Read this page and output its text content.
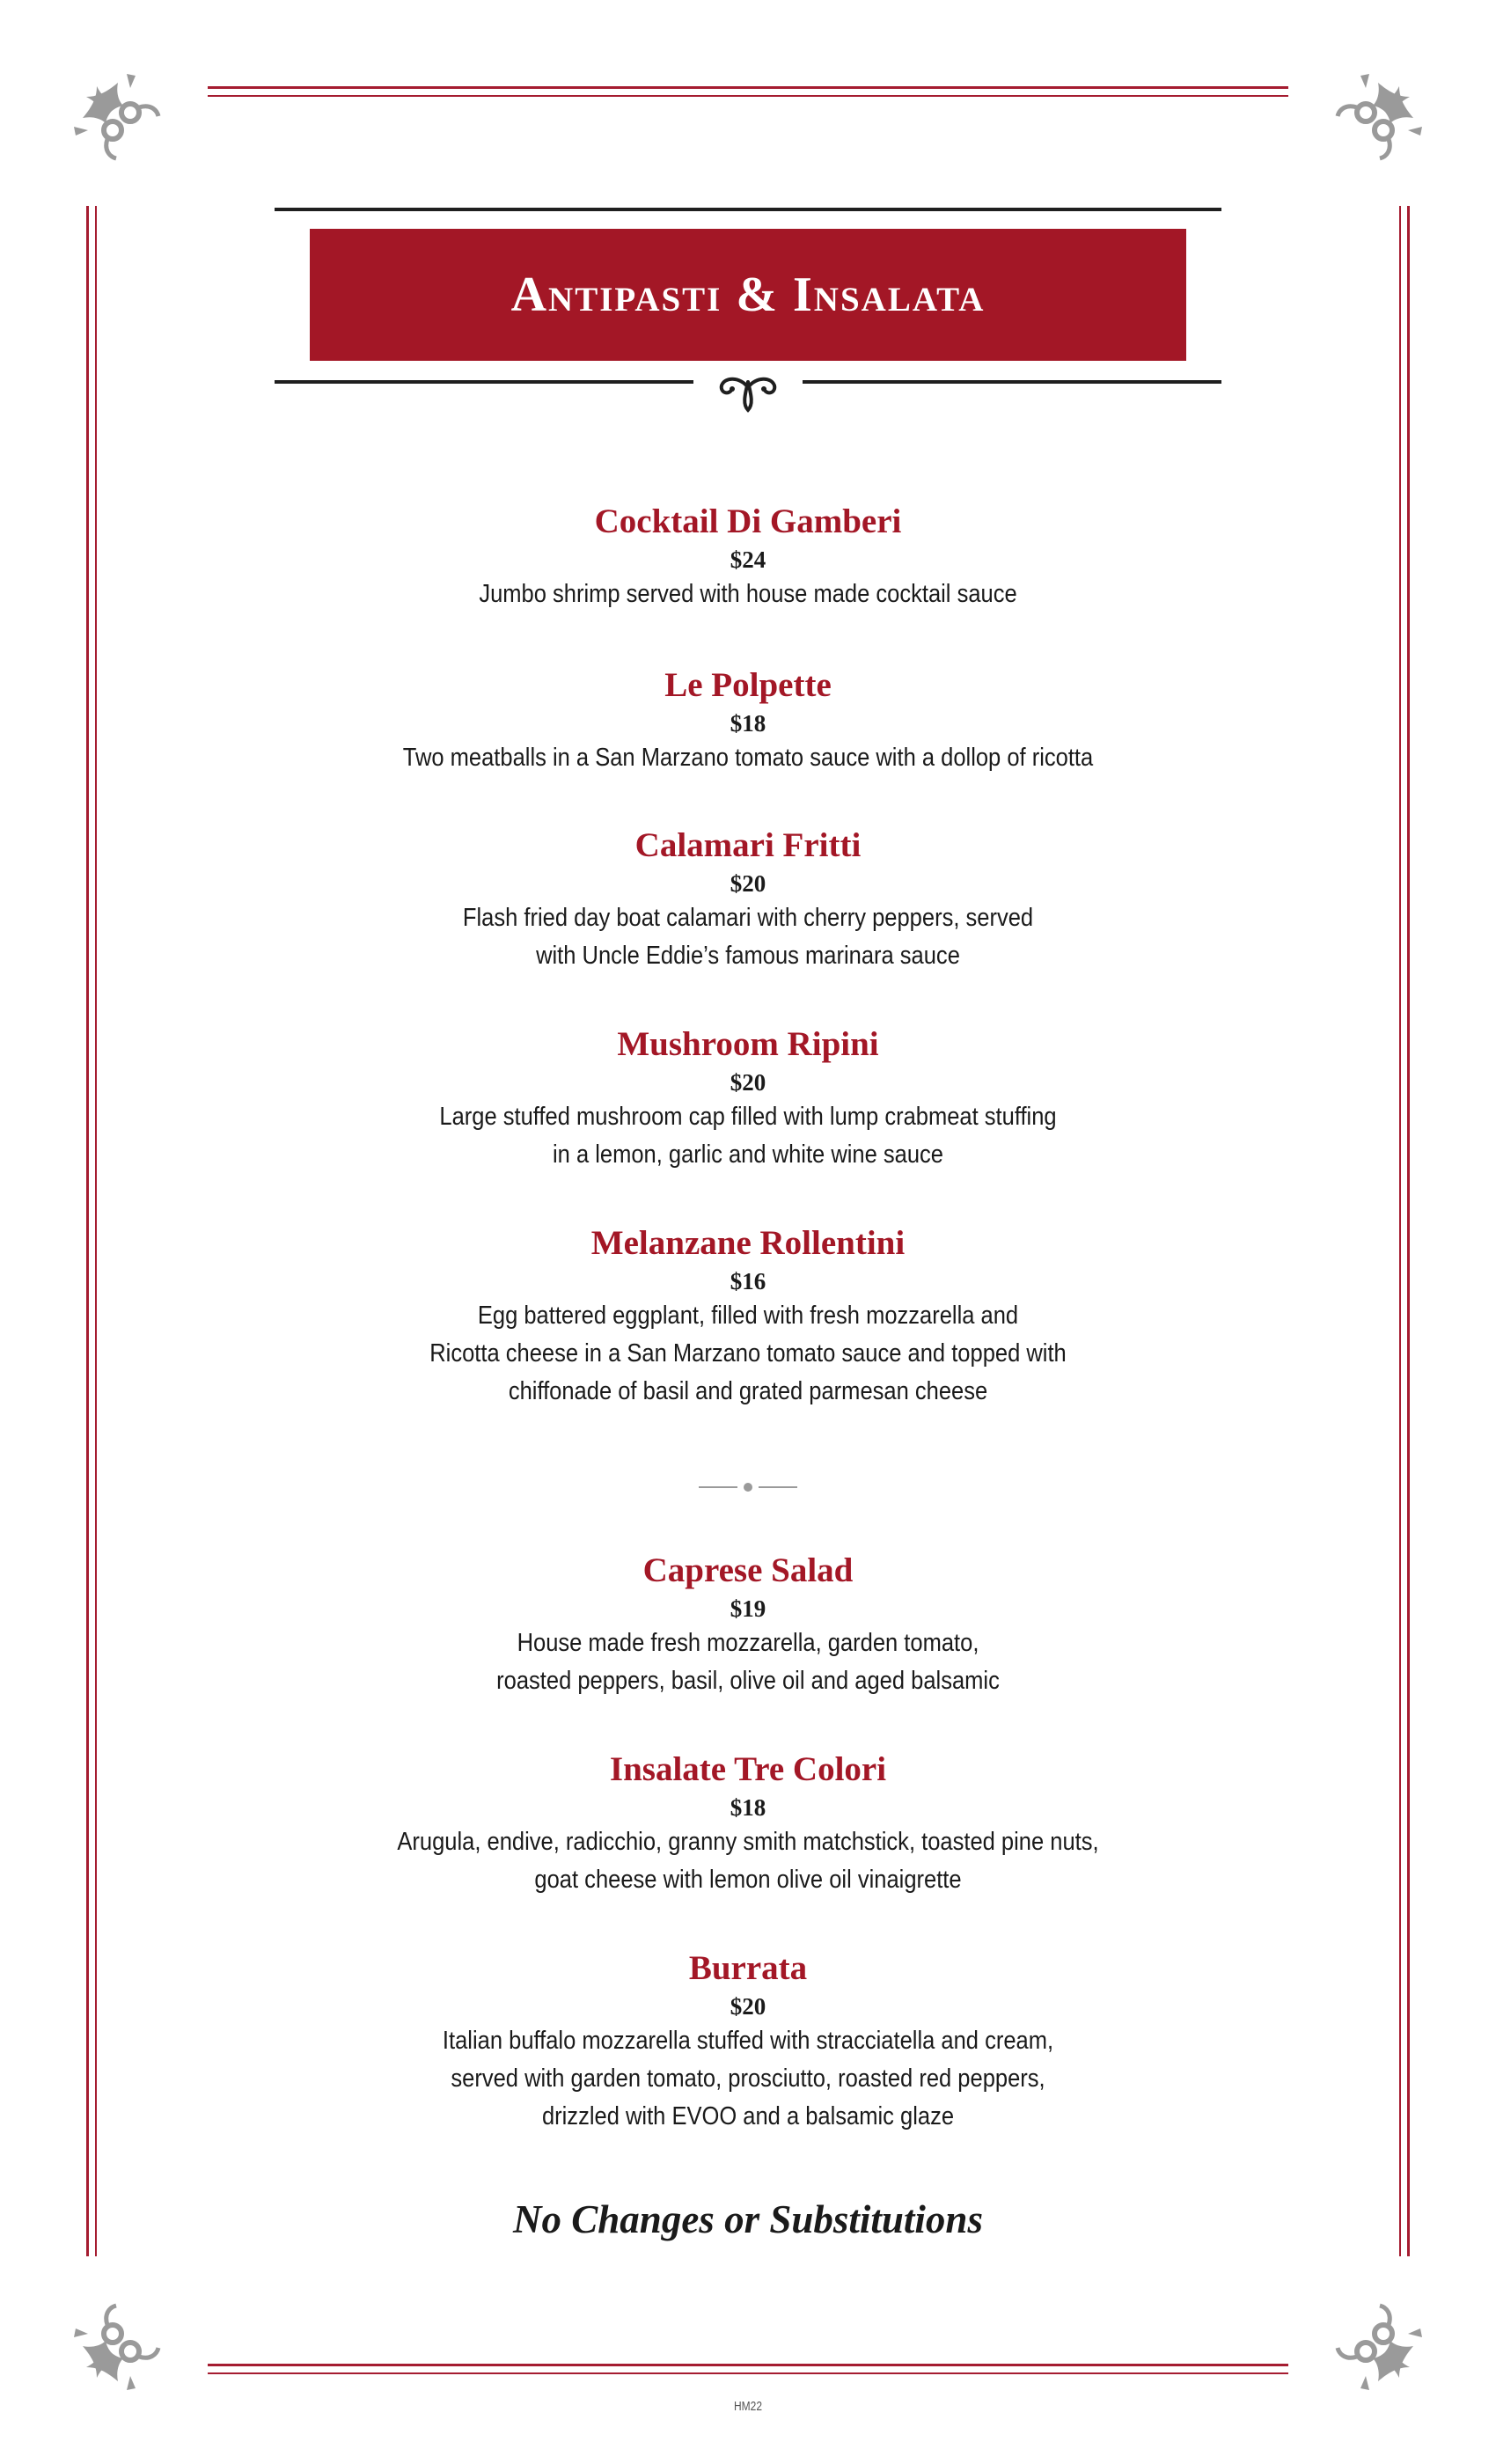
Antipasti & Insalata
Cocktail Di Gamberi
$24
Jumbo shrimp served with house made cocktail sauce
Le Polpette
$18
Two meatballs in a San Marzano tomato sauce with a dollop of ricotta
Calamari Fritti
$20
Flash fried day boat calamari with cherry peppers, served
with Uncle Eddie’s famous marinara sauce
Mushroom Ripini
$20
Large stuffed mushroom cap filled with lump crabmeat stuffing
in a lemon, garlic and white wine sauce
Melanzane Rollentini
$16
Egg battered eggplant, filled with fresh mozzarella and
Ricotta cheese in a San Marzano tomato sauce and topped with
chiffonade of basil and grated parmesan cheese
Caprese Salad
$19
House made fresh mozzarella, garden tomato,
roasted peppers, basil, olive oil and aged balsamic
Insalate Tre Colori
$18
Arugula, endive, radicchio, granny smith matchstick, toasted pine nuts,
goat cheese with lemon olive oil vinaigrette
Burrata
$20
Italian buffalo mozzarella stuffed with stracciatella and cream,
served with garden tomato, prosciutto, roasted red peppers,
drizzled with EVOO and a balsamic glaze
No Changes or Substitutions
HM22
